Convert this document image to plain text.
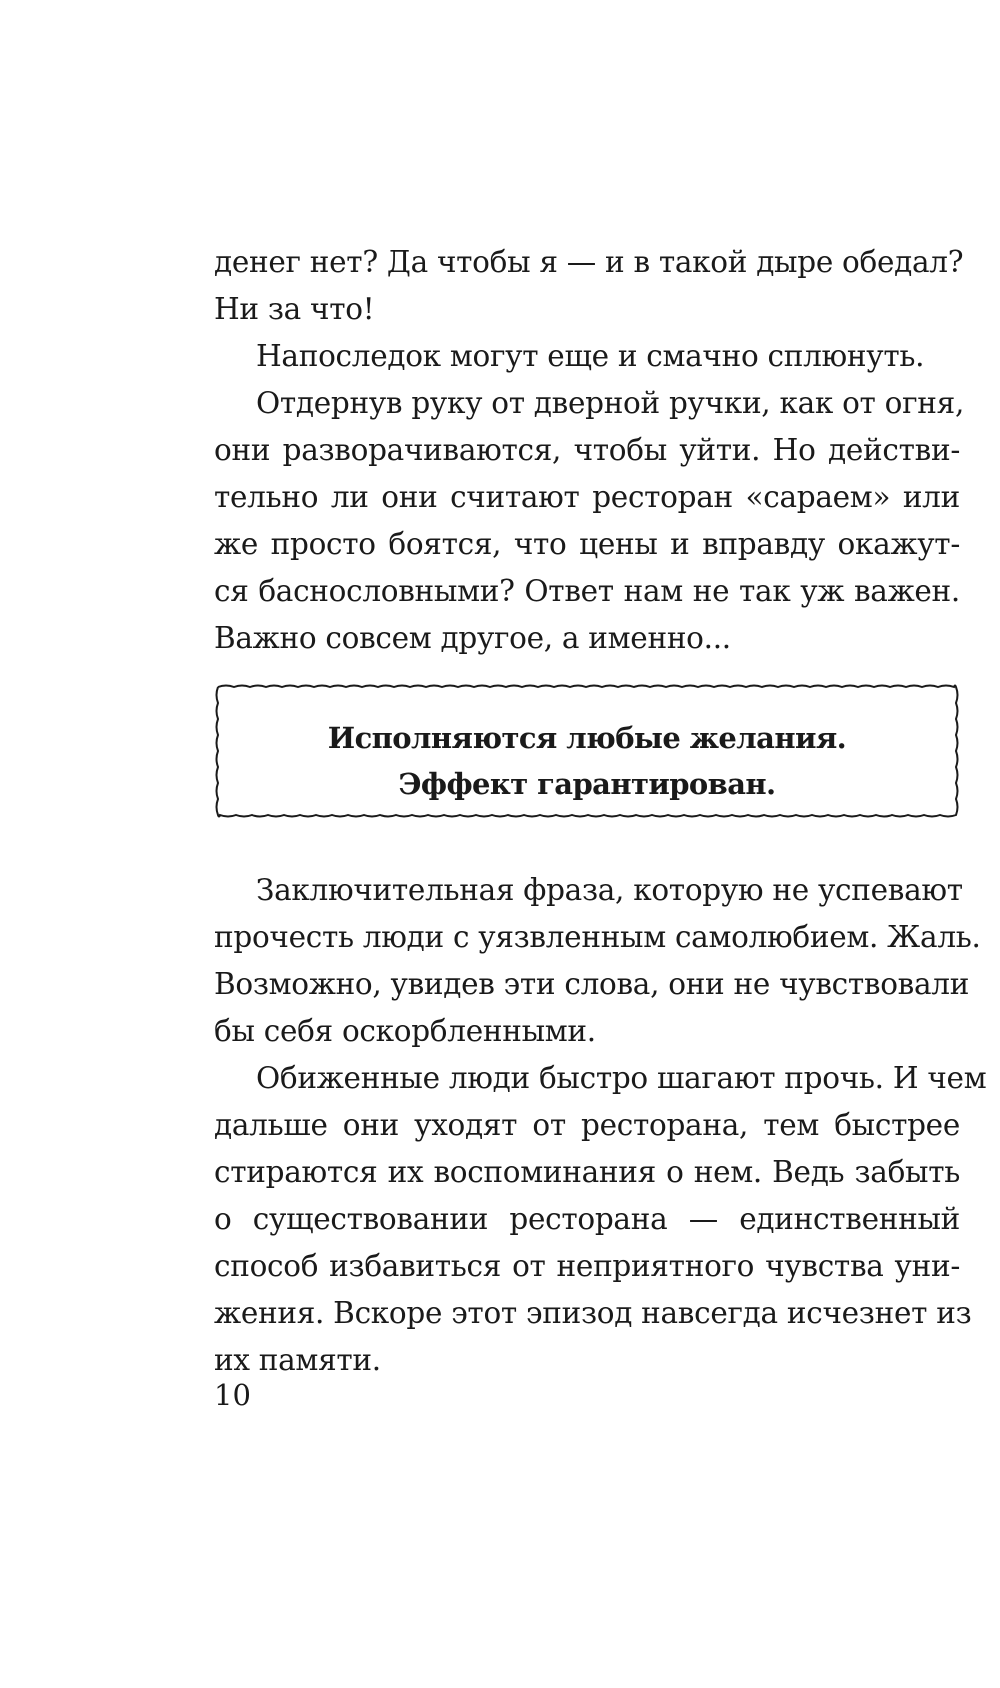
денег нет? Да чтобы я — и в такой дыре обедал?
Ни за что!
Напоследок могут еще и смачно сплюнуть.
Отдернув руку от дверной ручки, как от огня,
они разворачиваются, чтобы уйти. Но действи-
тельно ли они считают ресторан «сараем» или
же просто боятся, что цены и вправду окажут-
ся баснословными? Ответ нам не так уж важен.
Важно совсем другое, а именно...
Исполняются любые желания.
Эффект гарантирован.
Заключительная фраза, которую не успевают
прочесть люди с уязвленным самолюбием. Жаль.
Возможно, увидев эти слова, они не чувствовали
бы себя оскорбленными.
Обиженные люди быстро шагают прочь. И чем
дальше они уходят от ресторана, тем быстрее
стираются их воспоминания о нем. Ведь забыть
о существовании ресторана — единственный
способ избавиться от неприятного чувства уни-
жения. Вскоре этот эпизод навсегда исчезнет из
их памяти.
10
